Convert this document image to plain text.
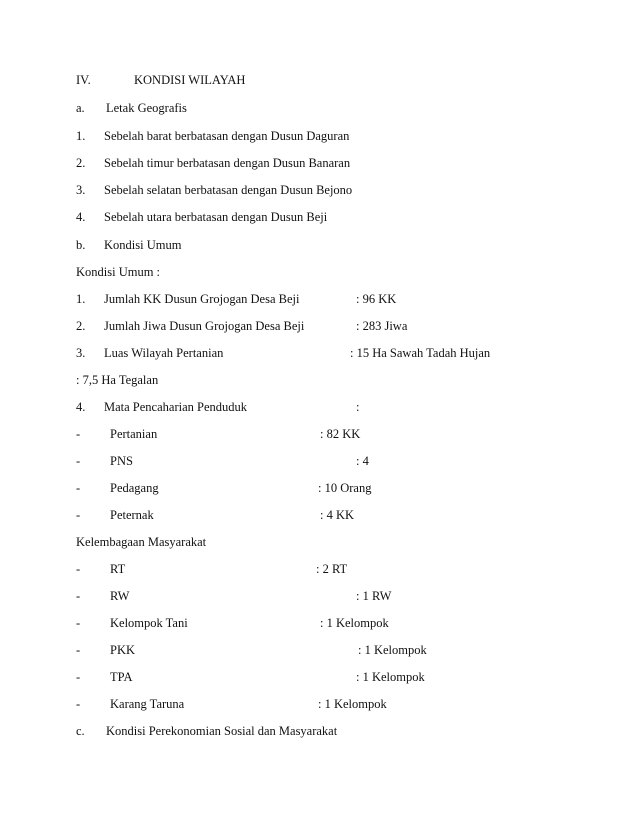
IV.	KONDISI WILAYAH
a. Letak Geografis
1. Sebelah barat berbatasan dengan Dusun Daguran
2. Sebelah timur berbatasan dengan Dusun Banaran
3. Sebelah selatan berbatasan dengan Dusun Bejono
4. Sebelah utara berbatasan dengan Dusun Beji
b. Kondisi Umum
Kondisi Umum :
1. Jumlah KK Dusun Grojogan Desa Beji	: 96 KK
2. Jumlah Jiwa Dusun Grojogan Desa Beji	: 283 Jiwa
3. Luas Wilayah Pertanian	: 15 Ha Sawah Tadah Hujan
: 7,5 Ha Tegalan
4. Mata Pencaharian Penduduk	:
- Pertanian	: 82 KK
- PNS	: 4
- Pedagang	: 10 Orang
- Peternak	: 4 KK
Kelembagaan Masyarakat
- RT	: 2 RT
- RW	: 1 RW
- Kelompok Tani	: 1 Kelompok
- PKK	: 1 Kelompok
- TPA	: 1 Kelompok
- Karang Taruna	: 1 Kelompok
c. Kondisi Perekonomian Sosial dan Masyarakat
